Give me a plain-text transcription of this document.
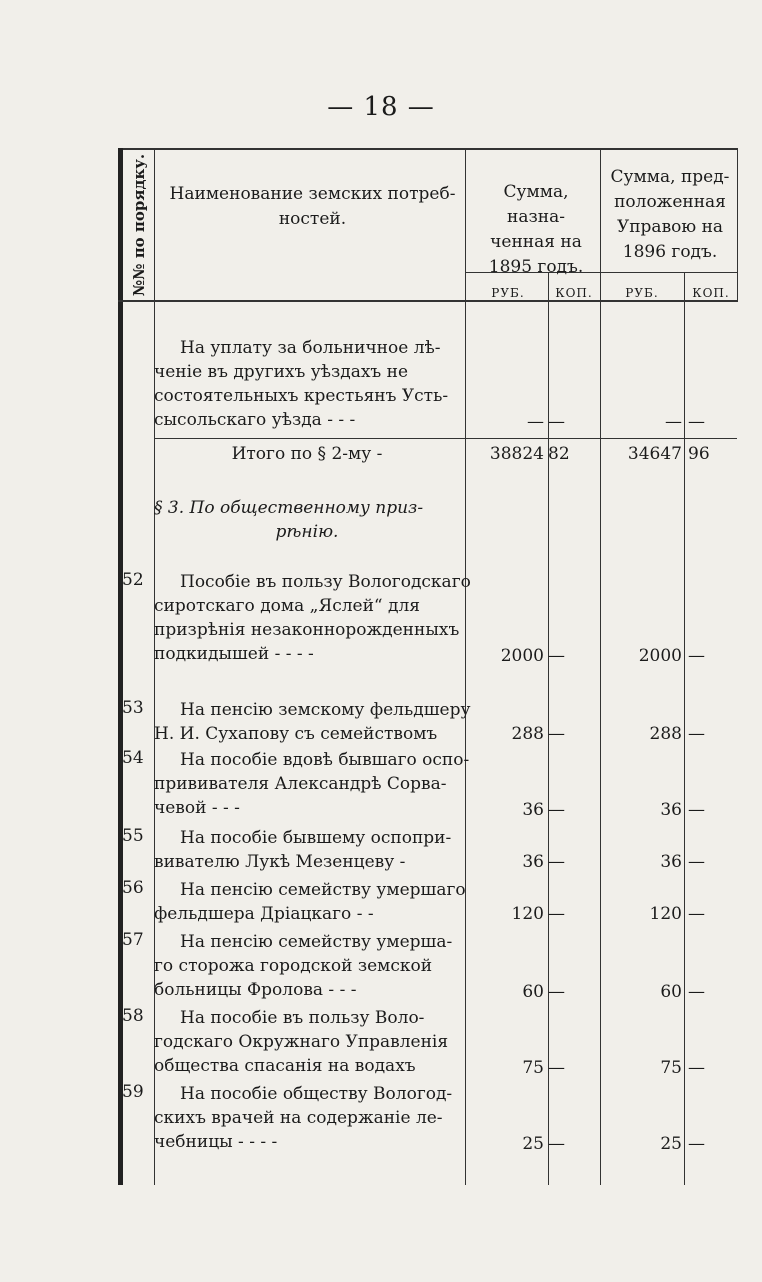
— 18 —
№№ по порядку.	Наименование земских потреб-
ностей.
Сумма, назна-
ченная на
1895 годъ.
Сумма, пред-
положенная
Управою на
1896 годъ.
РУБ.	КОП.	РУБ.	КОП.
На уплату за больничное лѣ-
ченіе въ другихъ уѣздахъ не
состоятельныхъ крестьянъ Усть-
сысольскаго уѣзда - - -	— —	— —
Итого по § 2-му -	38824 82	34647 96
§ 3. По общественному приз-
рѣнію.
52	Пособіе въ пользу Вологодскаго
сиротскаго дома „Яслей“ для
призрѣнія незаконнорожденныхъ
подкидышей - - - -	2000 —	2000 —
53	На пенсію земскому фельдшеру
Н. И. Сухапову съ семействомъ	288 —	288 —
54	На пособіе вдовѣ бывшаго оспо-
прививателя Александрѣ Сорва-
чевой - - -	36 —	36 —
55	На пособіе бывшему оспопри-
вивателю Лукѣ Мезенцеву -	36 —	36 —
56	На пенсію семейству умершаго
фельдшера Дріацкаго - -	120 —	120 —
57	На пенсію семейству умерша-
го сторожа городской земской
больницы Фролова - - -	60 —	60 —
58	На пособіе въ пользу Воло-
годскаго Окружнаго Управленія
общества спасанія на водахъ	75 —	75 —
59	На пособіе обществу Вологод-
скихъ врачей на содержаніе ле-
чебницы - - - -	25 —	25 —
